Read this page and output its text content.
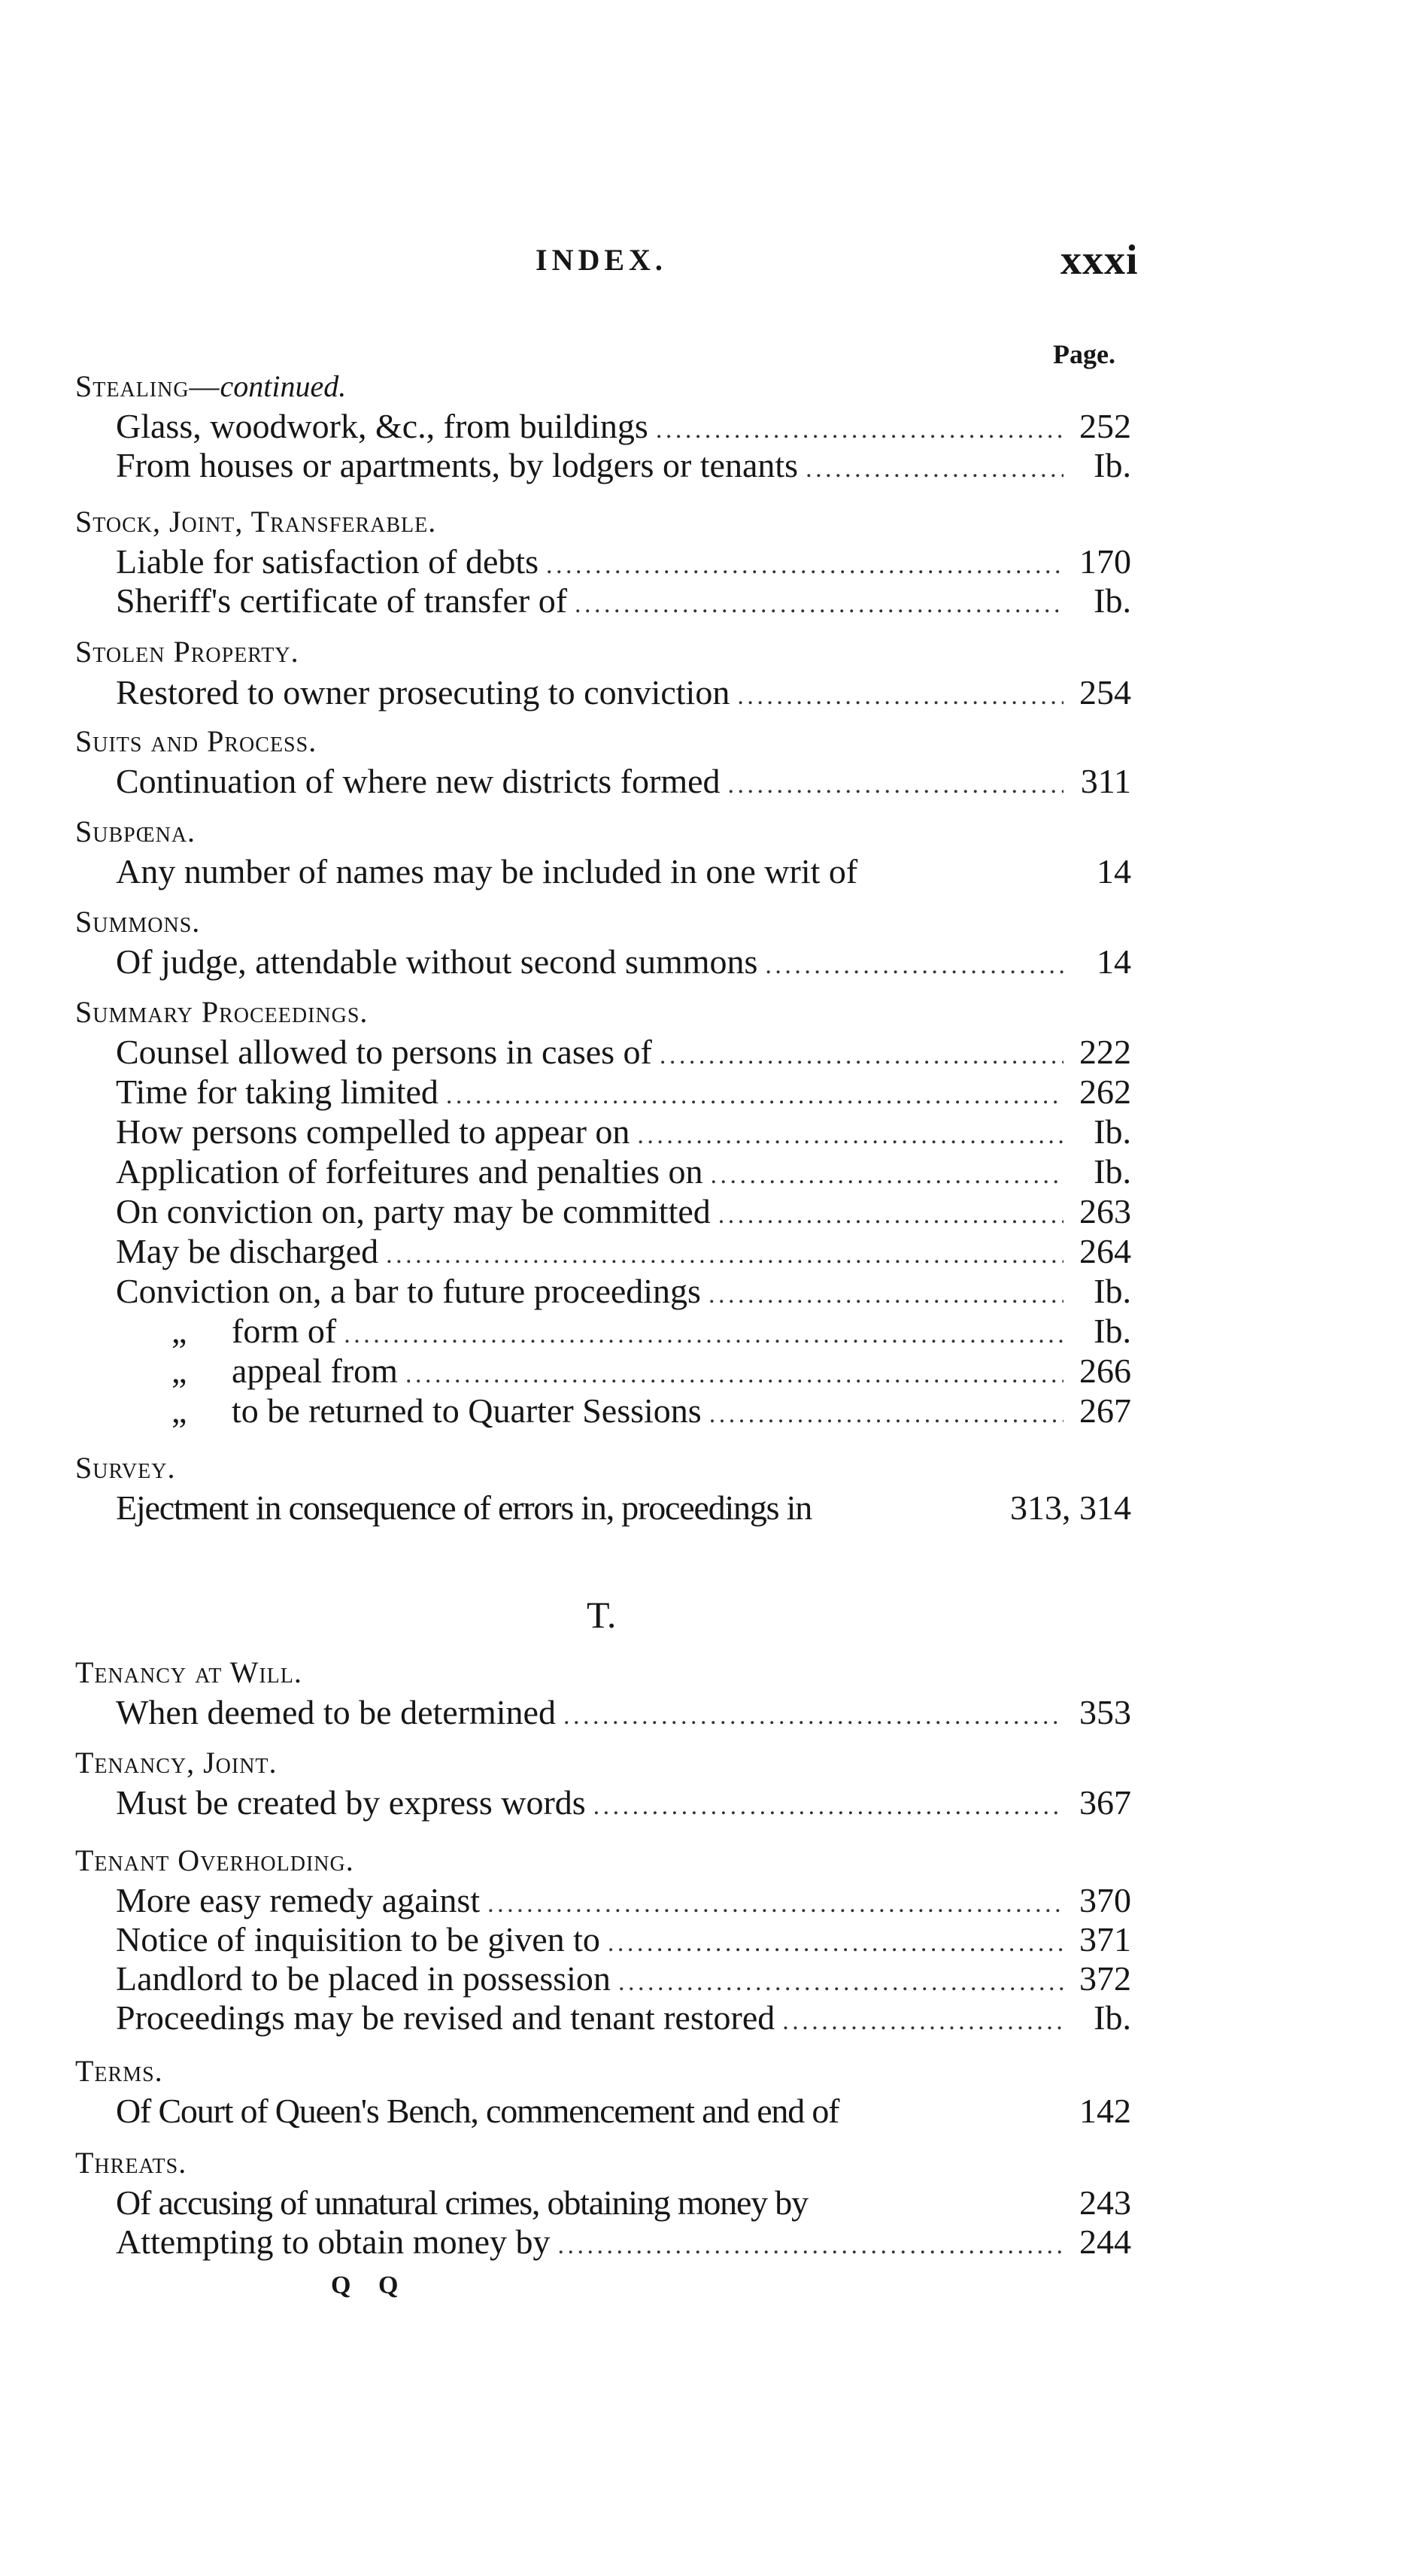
INDEX.	xxxi
Page.
Stealing—continued.
Glass, woodwork, &c., from buildings . . .	252
From houses or apartments, by lodgers or tenants . . .	Ib.
Stock, Joint, Transferable.
Liable for satisfaction of debts . . .	170
Sheriff's certificate of transfer of . . .	Ib.
Stolen Property.
Restored to owner prosecuting to conviction . . .	254
Suits and Process.
Continuation of where new districts formed . . .	311
Subpœna.
Any number of names may be included in one writ of	14
Summons.
Of judge, attendable without second summons . . .	14
Summary Proceedings.
Counsel allowed to persons in cases of . . .	222
Time for taking limited . . .	262
How persons compelled to appear on . . .	Ib.
Application of forfeitures and penalties on . . .	Ib.
On conviction on, party may be committed . . .	263
May be discharged . . .	264
Conviction on, a bar to future proceedings . . .	Ib.
„	form of . . .	Ib.
„	appeal from . . .	266
„	to be returned to Quarter Sessions . . .	267
Survey.
Ejectment in consequence of errors in, proceedings in	313, 314
T.
Tenancy at Will.
When deemed to be determined . . .	353
Tenancy, Joint.
Must be created by express words . . .	367
Tenant Overholding.
More easy remedy against . . .	370
Notice of inquisition to be given to . . .	371
Landlord to be placed in possession . . .	372
Proceedings may be revised and tenant restored . . .	Ib.
Terms.
Of Court of Queen's Bench, commencement and end of	142
Threats.
Of accusing of unnatural crimes, obtaining money by	243
Attempting to obtain money by . . .	244
Q Q
